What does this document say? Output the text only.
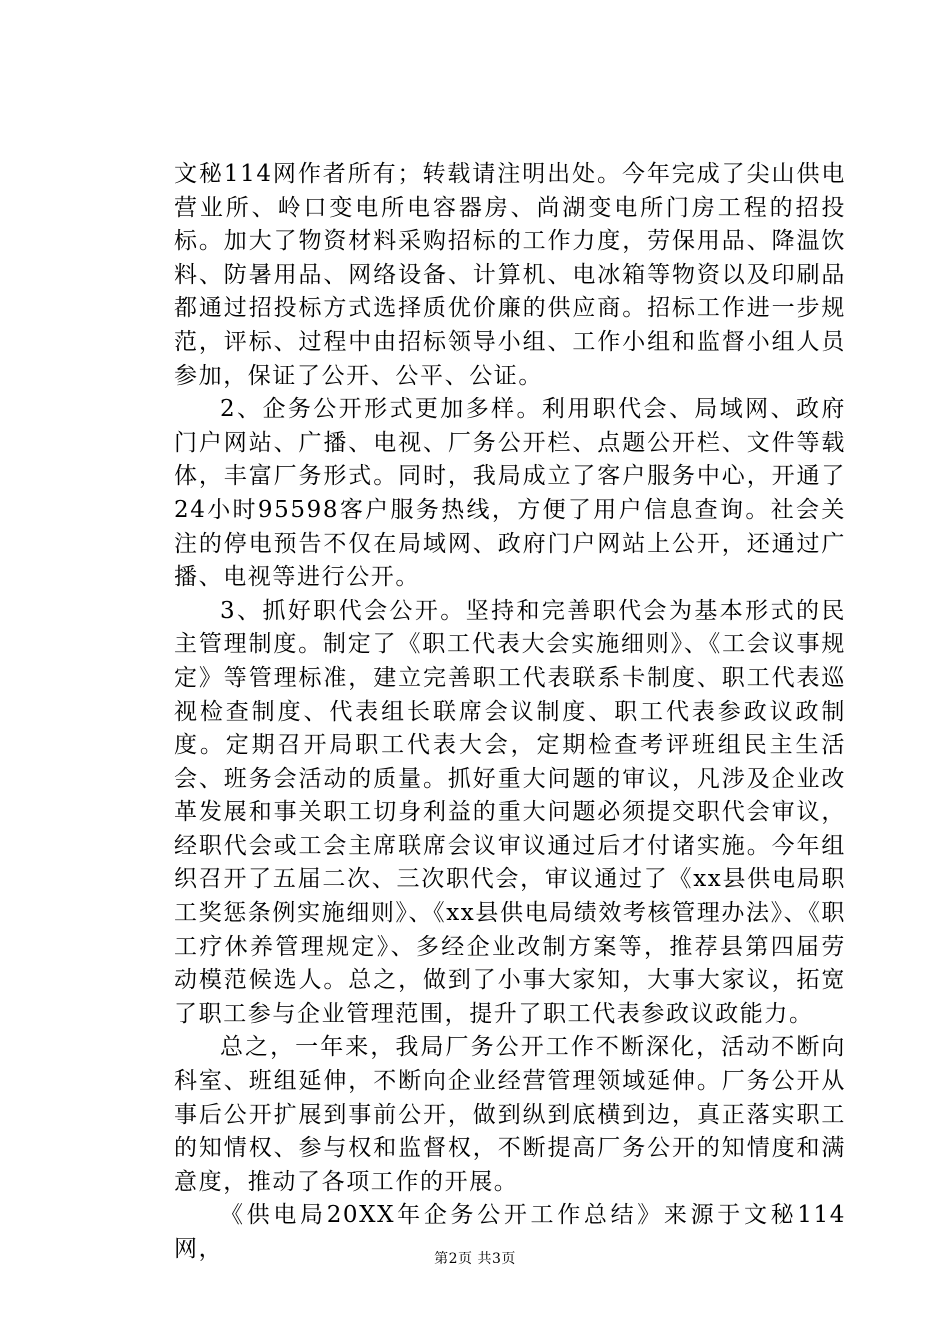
文秘114网作者所有；转载请注明出处。今年完成了尖山供电营业所、岭口变电所电容器房、尚湖变电所门房工程的招投标。加大了物资材料采购招标的工作力度，劳保用品、降温饮料、防暑用品、网络设备、计算机、电冰箱等物资以及印刷品都通过招投标方式选择质优价廉的供应商。招标工作进一步规范，评标、过程中由招标领导小组、工作小组和监督小组人员参加，保证了公开、公平、公证。

2、企务公开形式更加多样。利用职代会、局域网、政府门户网站、广播、电视、厂务公开栏、点题公开栏、文件等载体，丰富厂务形式。同时，我局成立了客户服务中心，开通了24小时95598客户服务热线，方便了用户信息查询。社会关注的停电预告不仅在局域网、政府门户网站上公开，还通过广播、电视等进行公开。

3、抓好职代会公开。坚持和完善职代会为基本形式的民主管理制度。制定了《职工代表大会实施细则》、《工会议事规定》等管理标准，建立完善职工代表联系卡制度、职工代表巡视检查制度、代表组长联席会议制度、职工代表参政议政制度。定期召开局职工代表大会，定期检查考评班组民主生活会、班务会活动的质量。抓好重大问题的审议，凡涉及企业改革发展和事关职工切身利益的重大问题必须提交职代会审议，经职代会或工会主席联席会议审议通过后才付诸实施。今年组织召开了五届二次、三次职代会，审议通过了《xx县供电局职工奖惩条例实施细则》、《xx县供电局绩效考核管理办法》、《职工疗休养管理规定》、多经企业改制方案等，推荐县第四届劳动模范候选人。总之，做到了小事大家知，大事大家议，拓宽了职工参与企业管理范围，提升了职工代表参政议政能力。

总之，一年来，我局厂务公开工作不断深化，活动不断向科室、班组延伸，不断向企业经营管理领域延伸。厂务公开从事后公开扩展到事前公开，做到纵到底横到边，真正落实职工的知情权、参与权和监督权，不断提高厂务公开的知情度和满意度，推动了各项工作的开展。

《供电局20XX年企务公开工作总结》来源于文秘114网，	第2页 共3页
